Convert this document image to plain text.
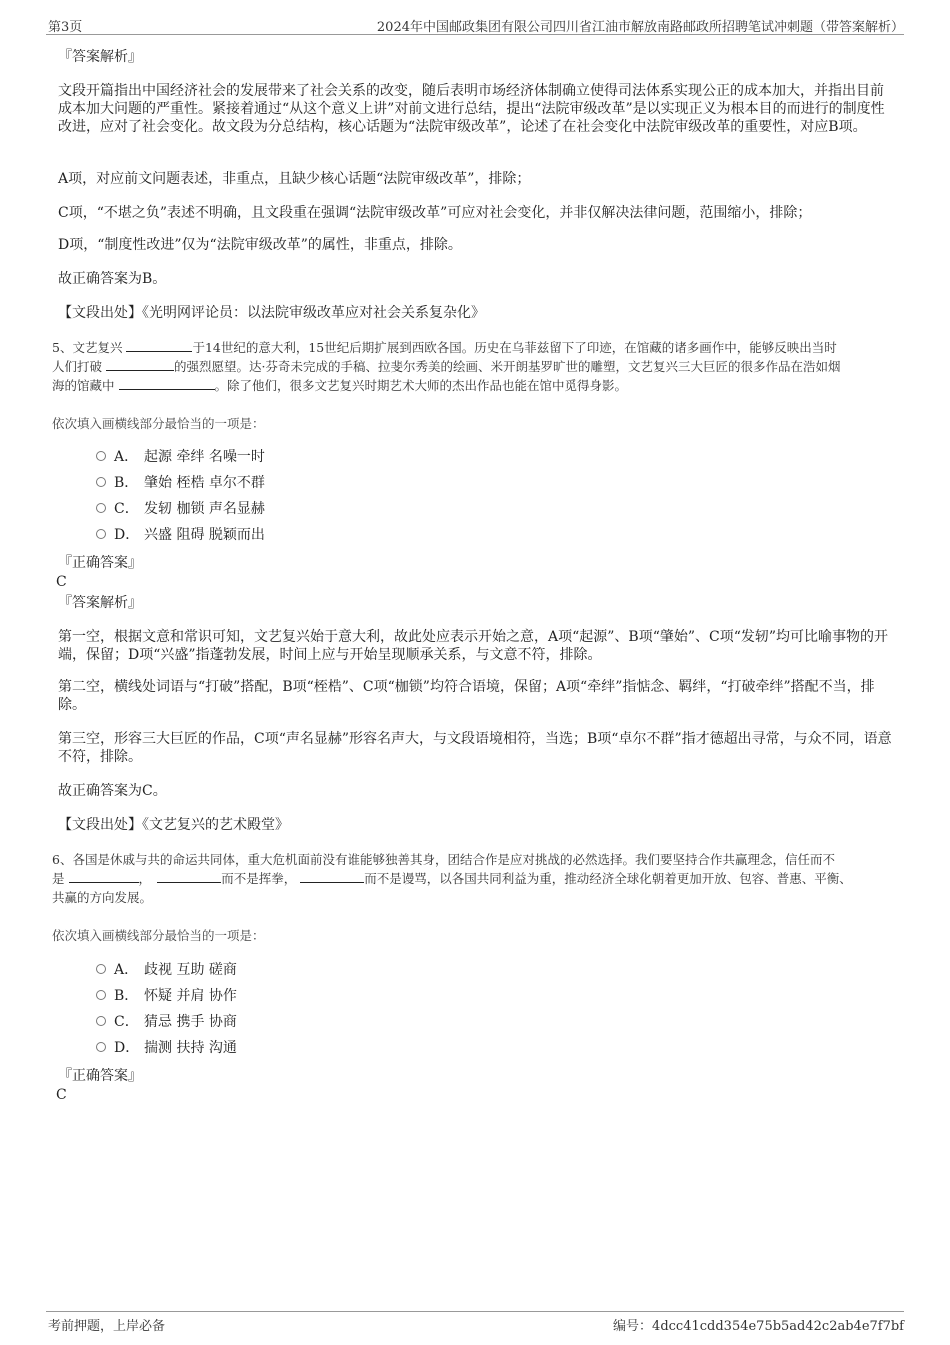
第3页	2024年中国邮政集团有限公司四川省江油市解放南路邮政所招聘笔试冲刺题（带答案解析）
『答案解析』
文段开篇指出中国经济社会的发展带来了社会关系的改变，随后表明市场经济体制确立使得司法体系实现公正的成本加大，并指出目前成本加大问题的严重性。紧接着通过“从这个意义上讲”对前文进行总结，提出“法院审级改革”是以实现正义为根本目的而进行的制度性改进，应对了社会变化。故文段为分总结构，核心话题为“法院审级改革”，论述了在社会变化中法院审级改革的重要性，对应B项。
A项，对应前文问题表述，非重点，且缺少核心话题“法院审级改革”，排除；
C项，“不堪之负”表述不明确，且文段重在强调“法院审级改革”可应对社会变化，并非仅解决法律问题，范围缩小，排除；
D项，“制度性改进”仅为“法院审级改革”的属性，非重点，排除。
故正确答案为B。
【文段出处】《光明网评论员：以法院审级改革应对社会关系复杂化》
5、文艺复兴	于14世纪的意大利，15世纪后期扩展到西欧各国。历史在乌菲兹留下了印迹，在馆藏的诸多画作中，能够反映出当时
人们打破	的强烈愿望。达·芬奇未完成的手稿、拉斐尔秀美的绘画、米开朗基罗旷世的雕塑，文艺复兴三大巨匠的很多作品在浩如烟
海的馆藏中	。除了他们，很多文艺复兴时期艺术大师的杰出作品也能在馆中觅得身影。
依次填入画横线部分最恰当的一项是：
A． 起源 牵绊 名噪一时
B． 肇始 桎梏 卓尔不群
C． 发轫 枷锁 声名显赫
D． 兴盛 阻碍 脱颖而出
『正确答案』
C
『答案解析』
第一空，根据文意和常识可知，文艺复兴始于意大利，故此处应表示开始之意，A项“起源”、B项“肇始”、C项“发轫”均可比喻事物的开端，保留；D项“兴盛”指蓬勃发展，时间上应与开始呈现顺承关系，与文意不符，排除。
第二空，横线处词语与“打破”搭配，B项“桎梏”、C项“枷锁”均符合语境，保留；A项“牵绊”指惦念、羁绊，“打破牵绊”搭配不当，排除。
第三空，形容三大巨匠的作品，C项“声名显赫”形容名声大，与文段语境相符，当选；B项“卓尔不群”指才德超出寻常，与众不同，语意不符，排除。
故正确答案为C。
【文段出处】《文艺复兴的艺术殿堂》
6、各国是休戚与共的命运共同体，重大危机面前没有谁能够独善其身，团结合作是应对挑战的必然选择。我们要坚持合作共赢理念，信任而不
是	，　	而不是挥拳，	而不是谩骂，以各国共同利益为重，推动经济全球化朝着更加开放、包容、普惠、平衡、
共赢的方向发展。
依次填入画横线部分最恰当的一项是：
A． 歧视 互助 磋商
B． 怀疑 并肩 协作
C． 猜忌 携手 协商
D． 揣测 扶持 沟通
『正确答案』
C
考前押题，上岸必备	编号：4dcc41cdd354e75b5ad42c2ab4e7f7bf
